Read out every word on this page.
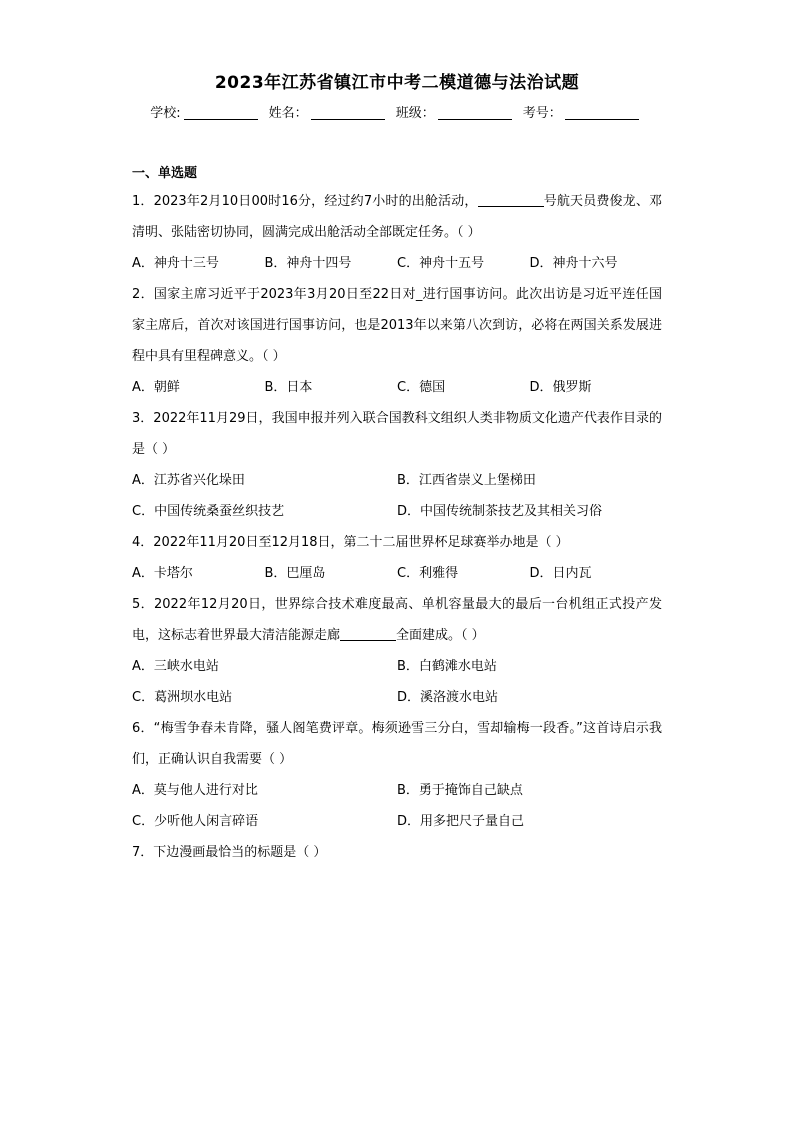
2023年江苏省镇江市中考二模道德与法治试题
学校:	姓名：	班级：	考号：
一、单选题
1．2023年2月10日00时16分，经过约7小时的出舱活动，	号航天员费俊龙、邓清明、张陆密切协同，圆满完成出舱活动全部既定任务。（ ）
A．神舟十三号	B．神舟十四号	C．神舟十五号	D．神舟十六号
2．国家主席习近平于2023年3月20日至22日对_进行国事访问。此次出访是习近平连任国家主席后，首次对该国进行国事访问，也是2013年以来第八次到访，必将在两国关系发展进程中具有里程碑意义。（ ）
A．朝鲜	B．日本	C．德国	D．俄罗斯
3．2022年11月29日，我国申报并列入联合国教科文组织人类非物质文化遗产代表作目录的是（ ）
A．江苏省兴化垛田	B．江西省崇义上堡梯田
C．中国传统桑蚕丝织技艺	D．中国传统制茶技艺及其相关习俗
4．2022年11月20日至12月18日，第二十二届世界杯足球赛举办地是（ ）
A．卡塔尔	B．巴厘岛	C．利雅得	D．日内瓦
5．2022年12月20日，世界综合技术难度最高、单机容量最大的最后一台机组正式投产发电，这标志着世界最大清洁能源走廊	全面建成。（ ）
A．三峡水电站	B．白鹤滩水电站
C．葛洲坝水电站	D．溪洛渡水电站
6．“梅雪争春未肯降，骚人阁笔费评章。梅须逊雪三分白，雪却输梅一段香。”这首诗启示我们，正确认识自我需要（ ）
A．莫与他人进行对比	B．勇于掩饰自己缺点
C．少听他人闲言碎语	D．用多把尺子量自己
7．下边漫画最恰当的标题是（ ）
